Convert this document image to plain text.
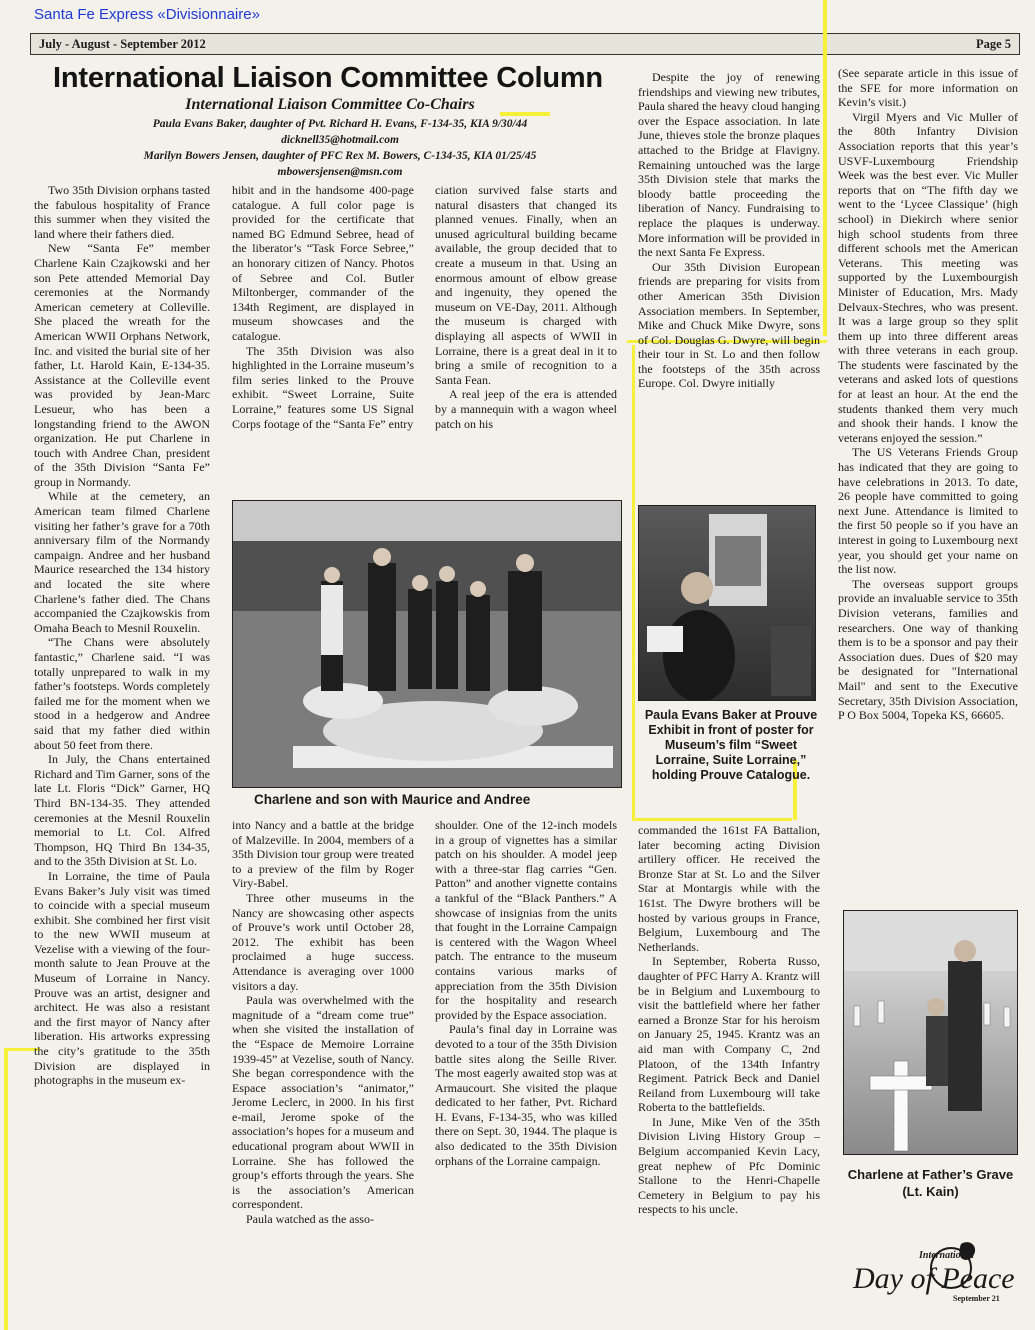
Santa Fe Express «Divisionnaire»
July - August - September 2012	Page 5
International Liaison Committee Column
International Liaison Committee Co-Chairs
Paula Evans Baker, daughter of Pvt. Richard H. Evans, F-134-35, KIA 9/30/44
dicknell35@hotmail.com
Marilyn Bowers Jensen, daughter of PFC Rex M. Bowers, C-134-35, KIA 01/25/45
mbowersjensen@msn.com

Two 35th Division orphans tasted the fabulous hospitality of France this summer when they visited the land where their fathers died.

New “Santa Fe” member Charlene Kain Czajkowski and her son Pete attended Memorial Day ceremonies at the Normandy American cemetery at Colleville. She placed the wreath for the American WWII Orphans Network, Inc. and visited the burial site of her father, Lt. Harold Kain, E-134-35. Assistance at the Colleville event was provided by Jean-Marc Lesueur, who has been a longstanding friend to the AWON organization. He put Charlene in touch with Andree Chan, president of the 35th Division “Santa Fe” group in Normandy.

While at the cemetery, an American team filmed Charlene visiting her father’s grave for a 70th anniversary film of the Normandy campaign. Andree and her husband Maurice researched the 134 history and located the site where Charlene’s father died. The Chans accompanied the Czajkowskis from Omaha Beach to Mesnil Rouxelin.

“The Chans were absolutely fantastic,” Charlene said. “I was totally unprepared to walk in my father’s footsteps. Words completely failed me for the moment when we stood in a hedgerow and Andree said that my father died within about 50 feet from there.

In July, the Chans entertained Richard and Tim Garner, sons of the late Lt. Floris “Dick” Garner, HQ Third BN-134-35. They attended ceremonies at the Mesnil Rouxelin memorial to Lt. Col. Alfred Thompson, HQ Third Bn 134-35, and to the 35th Division at St. Lo.

In Lorraine, the time of Paula Evans Baker’s July visit was timed to coincide with a special museum exhibit. She combined her first visit to the new WWII museum at Vezelise with a viewing of the four-month salute to Jean Prouve at the Museum of Lorraine in Nancy. Prouve was an artist, designer and architect. He was also a resistant and the first mayor of Nancy after liberation. His artworks expressing the city’s gratitude to the 35th Division are displayed in photographs in the museum ex-

hibit and in the handsome 400-page catalogue. A full color page is provided for the certificate that named BG Edmund Sebree, head of the liberator’s “Task Force Sebree,” an honorary citizen of Nancy. Photos of Sebree and Col. Butler Miltonberger, commander of the 134th Regiment, are displayed in museum showcases and the catalogue.

The 35th Division was also highlighted in the Lorraine museum’s film series linked to the Prouve exhibit. “Sweet Lorraine, Suite Lorraine,” features some US Signal Corps footage of the “Santa Fe” entry

ciation survived false starts and natural disasters that changed its planned venues. Finally, when an unused agricultural building became available, the group decided that to create a museum in that. Using an enormous amount of elbow grease and ingenuity, they opened the museum on VE-Day, 2011. Although the museum is charged with displaying all aspects of WWII in Lorraine, there is a great deal in it to bring a smile of recognition to a Santa Fean.

A real jeep of the era is attended by a mannequin with a wagon wheel patch on his

Despite the joy of renewing friendships and viewing new tributes, Paula shared the heavy cloud hanging over the Espace association. In late June, thieves stole the bronze plaques attached to the Bridge at Flavigny. Remaining untouched was the large 35th Division stele that marks the bloody battle proceeding the liberation of Nancy. Fundraising to replace the plaques is underway. More information will be provided in the next Santa Fe Express.

Our 35th Division European friends are preparing for visits from other American 35th Division Association members. In September, Mike and Chuck Mike Dwyre, sons of Col. Douglas G. Dwyre, will begin their tour in St. Lo and then follow the footsteps of the 35th across Europe. Col. Dwyre initially

(See separate article in this issue of the SFE for more information on Kevin’s visit.)

Virgil Myers and Vic Muller of the 80th Infantry Division Association reports that this year’s USVF-Luxembourg Friendship Week was the best ever. Vic Muller reports that on “The fifth day we went to the ‘Lycee Classique’ (high school) in Diekirch where senior high school students from three different schools met the American Veterans. This meeting was supported by the Luxembourgish Minister of Education, Mrs. Mady Delvaux-Stechres, who was present. It was a large group so they split them up into three different areas with three veterans in each group. The students were fascinated by the veterans and asked lots of questions for at least an hour. At the end the students thanked them very much and shook their hands. I know the veterans enjoyed the session.”

The US Veterans Friends Group has indicated that they are going to have celebrations in 2013. To date, 26 people have committed to going next June. Attendance is limited to the first 50 people so if you have an interest in going to Luxembourg next year, you should get your name on the list now.

The overseas support groups provide an invaluable service to 35th Division veterans, families and researchers. One way of thanking them is to be a sponsor and pay their Association dues. Dues of $20 may be designated for "International Mail" and sent to the Executive Secretary, 35th Division Association, P O Box 5004, Topeka KS, 66605.

Charlene and son with Maurice and Andree
Paula Evans Baker at Prouve Exhibit in front of poster for Museum’s film “Sweet Lorraine, Suite Lorraine,” holding Prouve Catalogue.

into Nancy and a battle at the bridge of Malzeville. In 2004, members of a 35th Division tour group were treated to a preview of the film by Roger Viry-Babel.

Three other museums in the Nancy are showcasing other aspects of Prouve’s work until October 28, 2012. The exhibit has been proclaimed a huge success. Attendance is averaging over 1000 visitors a day.

Paula was overwhelmed with the magnitude of a “dream come true” when she visited the installation of the “Espace de Memoire Lorraine 1939-45” at Vezelise, south of Nancy. She began correspondence with the Espace association’s “animator,” Jerome Leclerc, in 2000. In his first e-mail, Jerome spoke of the association’s hopes for a museum and educational program about WWII in Lorraine. She has followed the group’s efforts through the years. She is the association’s American correspondent.

Paula watched as the asso-

shoulder. One of the 12-inch models in a group of vignettes has a similar patch on his shoulder. A model jeep with a three-star flag carries “Gen. Patton” and another vignette contains a tankful of the “Black Panthers.” A showcase of insignias from the units that fought in the Lorraine Campaign is centered with the Wagon Wheel patch. The entrance to the museum contains various marks of appreciation from the 35th Division for the hospitality and research provided by the Espace association.

Paula’s final day in Lorraine was devoted to a tour of the 35th Division battle sites along the Seille River. The most eagerly awaited stop was at Armaucourt. She visited the plaque dedicated to her father, Pvt. Richard H. Evans, F-134-35, who was killed there on Sept. 30, 1944. The plaque is also dedicated to the 35th Division orphans of the Lorraine campaign.

commanded the 161st FA Battalion, later becoming acting Division artillery officer. He received the Bronze Star at St. Lo and the Silver Star at Montargis while with the 161st. The Dwyre brothers will be hosted by various groups in France, Belgium, Luxembourg and The Netherlands.

In September, Roberta Russo, daughter of PFC Harry A. Krantz will be in Belgium and Luxembourg to visit the battlefield where her father earned a Bronze Star for his heroism on January 25, 1945. Krantz was an aid man with Company C, 2nd Platoon, of the 134th Infantry Regiment. Patrick Beck and Daniel Reiland from Luxembourg will take Roberta to the battlefields.

In June, Mike Ven of the 35th Division Living History Group – Belgium accompanied Kevin Lacy, great nephew of Pfc Dominic Stallone to the Henri-Chapelle Cemetery in Belgium to pay his respects to his uncle.

Charlene at Father’s Grave (Lt. Kain)
International
Day of Peace
September 21
